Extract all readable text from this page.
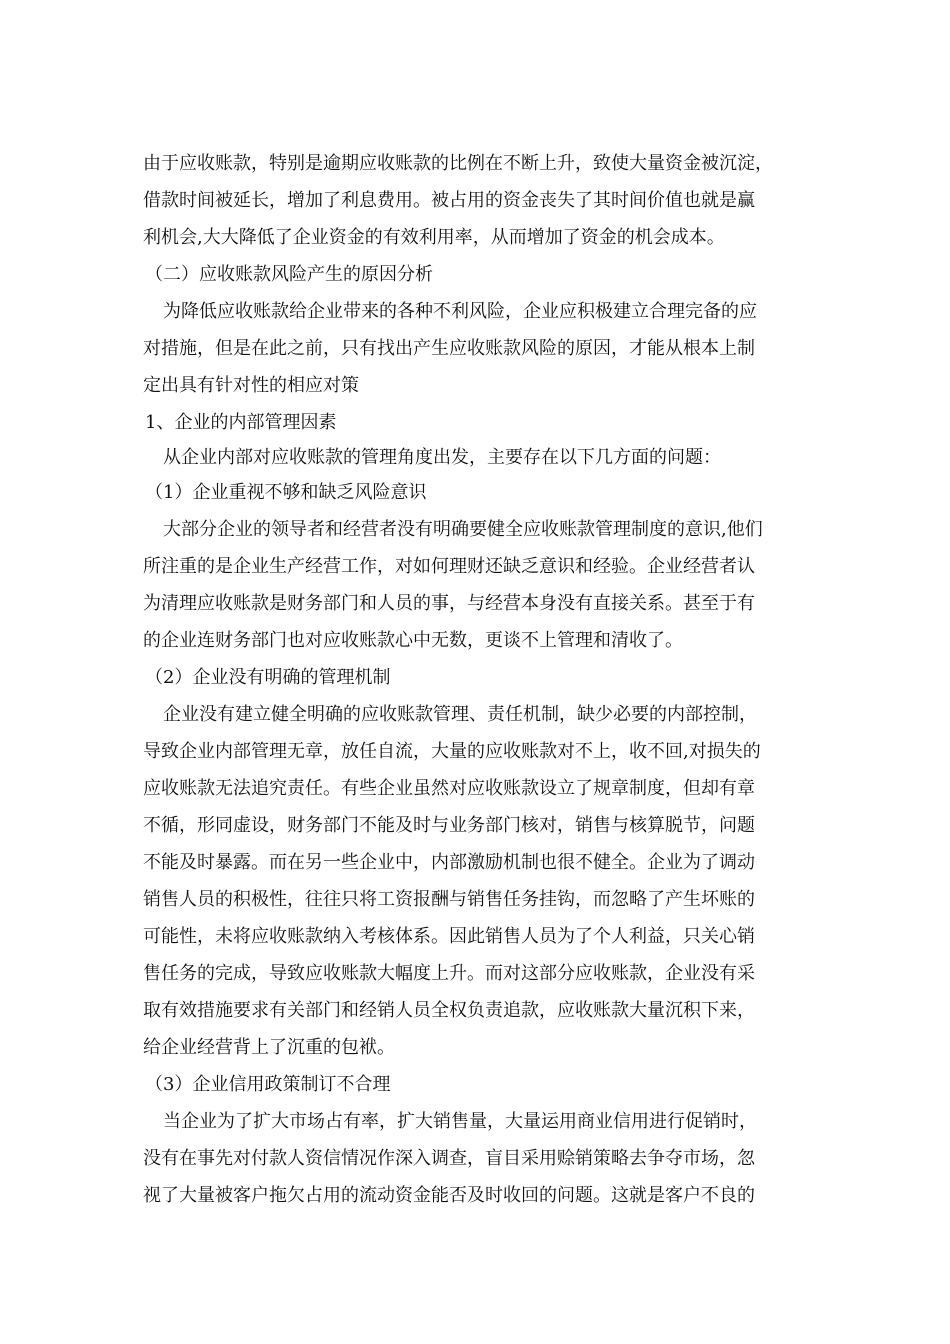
由于应收账款，特别是逾期应收账款的比例在不断上升，致使大量资金被沉淀，
借款时间被延长，增加了利息费用。被占用的资金丧失了其时间价值也就是赢
利机会,大大降低了企业资金的有效利用率，从而增加了资金的机会成本。
（二）应收账款风险产生的原因分析
为降低应收账款给企业带来的各种不利风险，企业应积极建立合理完备的应
对措施，但是在此之前，只有找出产生应收账款风险的原因，才能从根本上制
定出具有针对性的相应对策
1、企业的内部管理因素
从企业内部对应收账款的管理角度出发，主要存在以下几方面的问题：
（1）企业重视不够和缺乏风险意识
大部分企业的领导者和经营者没有明确要健全应收账款管理制度的意识,他们
所注重的是企业生产经营工作，对如何理财还缺乏意识和经验。企业经营者认
为清理应收账款是财务部门和人员的事，与经营本身没有直接关系。甚至于有
的企业连财务部门也对应收账款心中无数，更谈不上管理和清收了。
（2）企业没有明确的管理机制
企业没有建立健全明确的应收账款管理、责任机制，缺少必要的内部控制，
导致企业内部管理无章，放任自流，大量的应收账款对不上，收不回,对损失的
应收账款无法追究责任。有些企业虽然对应收账款设立了规章制度，但却有章
不循，形同虚设，财务部门不能及时与业务部门核对，销售与核算脱节，问题
不能及时暴露。而在另一些企业中，内部激励机制也很不健全。企业为了调动
销售人员的积极性，往往只将工资报酬与销售任务挂钩，而忽略了产生坏账的
可能性，未将应收账款纳入考核体系。因此销售人员为了个人利益，只关心销
售任务的完成，导致应收账款大幅度上升。而对这部分应收账款，企业没有采
取有效措施要求有关部门和经销人员全权负责追款，应收账款大量沉积下来，
给企业经营背上了沉重的包袱。
（3）企业信用政策制订不合理
当企业为了扩大市场占有率，扩大销售量，大量运用商业信用进行促销时，
没有在事先对付款人资信情况作深入调查，盲目采用赊销策略去争夺市场，忽
视了大量被客户拖欠占用的流动资金能否及时收回的问题。这就是客户不良的
